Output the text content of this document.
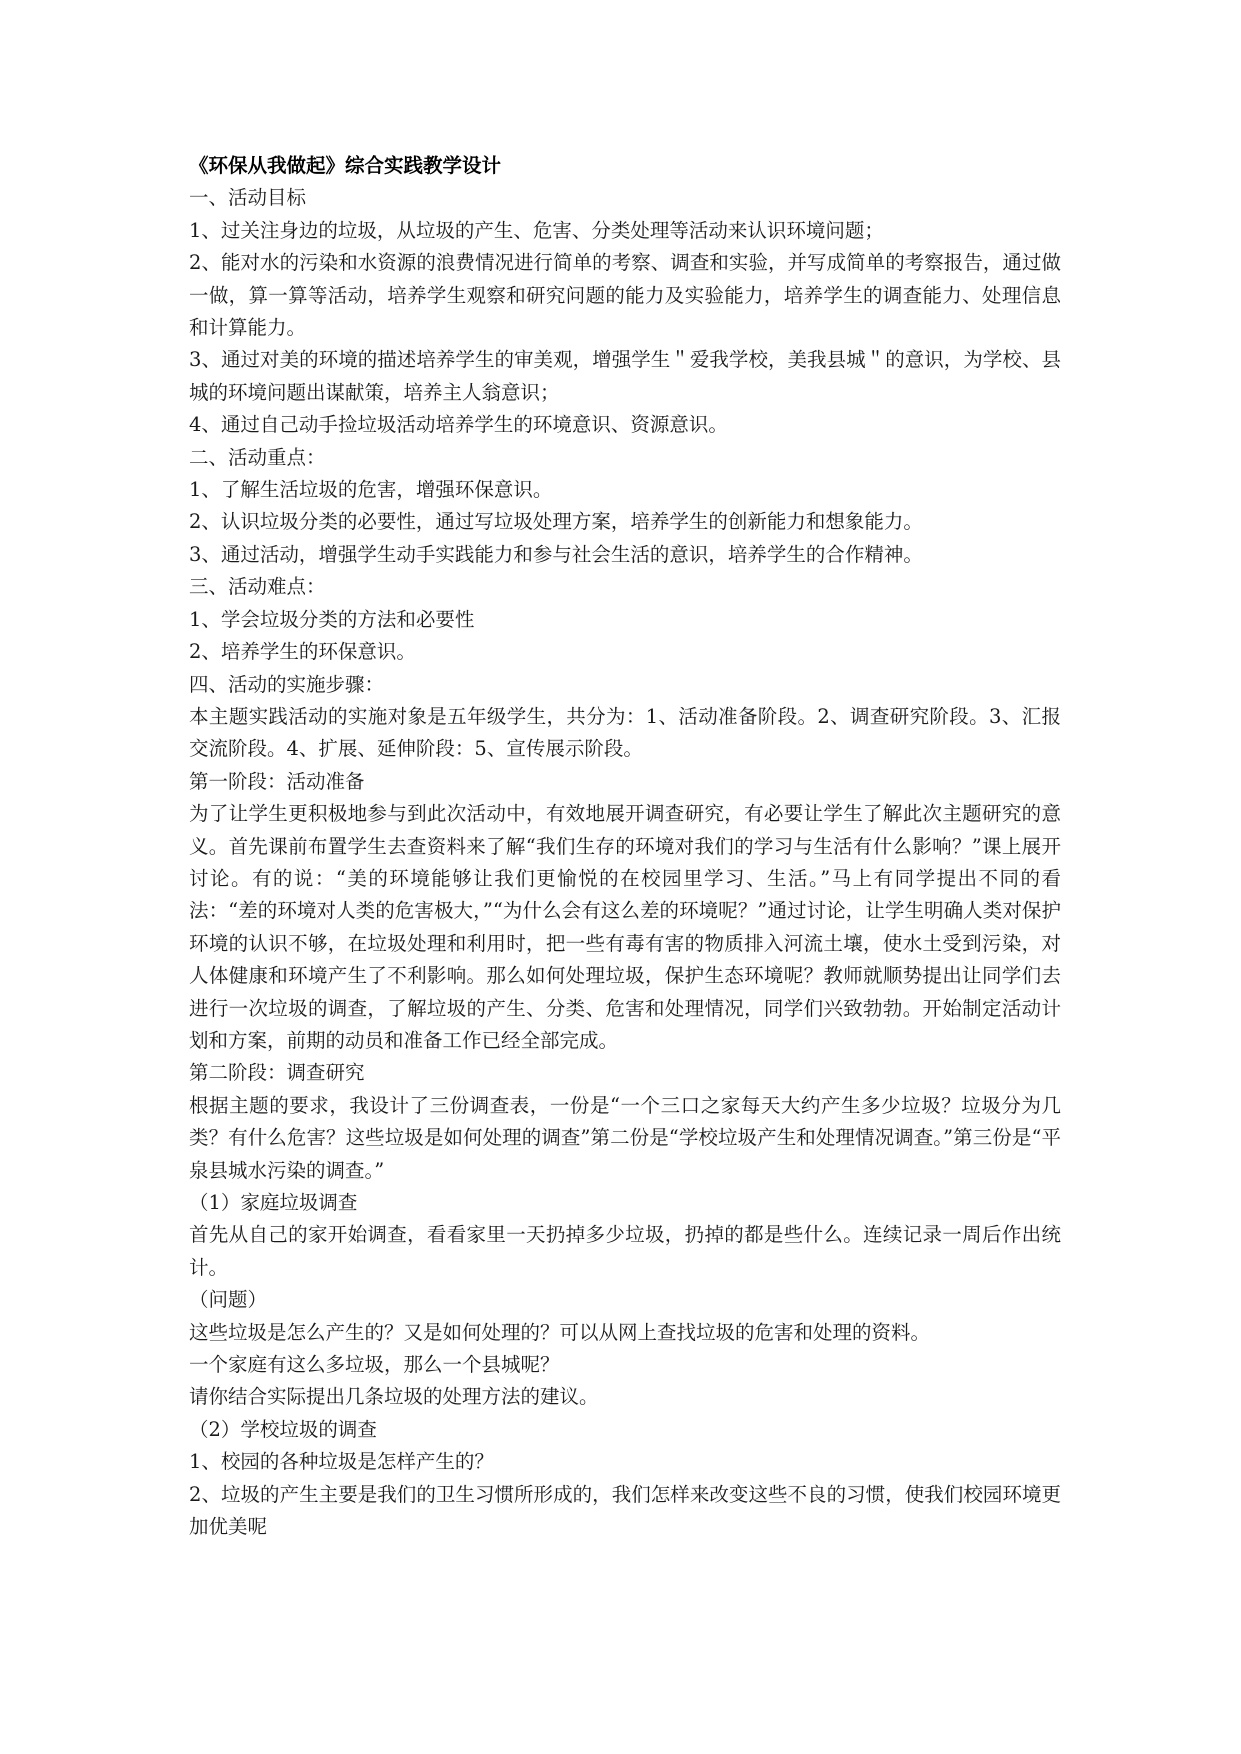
《环保从我做起》综合实践教学设计

一、活动目标

1、过关注身边的垃圾，从垃圾的产生、危害、分类处理等活动来认识环境问题；

2、能对水的污染和水资源的浪费情况进行简单的考察、调查和实验，并写成简单的考察报告，通过做一做，算一算等活动，培养学生观察和研究问题的能力及实验能力，培养学生的调查能力、处理信息和计算能力。

3、通过对美的环境的描述培养学生的审美观，增强学生＂爱我学校，美我县城＂的意识，为学校、县城的环境问题出谋献策，培养主人翁意识；

4、通过自己动手捡垃圾活动培养学生的环境意识、资源意识。

二、活动重点：

1、了解生活垃圾的危害，增强环保意识。

2、认识垃圾分类的必要性，通过写垃圾处理方案，培养学生的创新能力和想象能力。

3、通过活动，增强学生动手实践能力和参与社会生活的意识，培养学生的合作精神。

三、活动难点：

1、学会垃圾分类的方法和必要性

2、培养学生的环保意识。

四、活动的实施步骤：

本主题实践活动的实施对象是五年级学生，共分为：1、活动准备阶段。2、调查研究阶段。3、汇报交流阶段。4、扩展、延伸阶段：5、宣传展示阶段。

第一阶段：活动准备

为了让学生更积极地参与到此次活动中，有效地展开调查研究，有必要让学生了解此次主题研究的意义。首先课前布置学生去查资料来了解“我们生存的环境对我们的学习与生活有什么影响？”课上展开讨论。有的说：“美的环境能够让我们更愉悦的在校园里学习、生活。”马上有同学提出不同的看法：“差的环境对人类的危害极大，”“为什么会有这么差的环境呢？”通过讨论，让学生明确人类对保护环境的认识不够，在垃圾处理和利用时，把一些有毒有害的物质排入河流土壤，使水土受到污染，对人体健康和环境产生了不利影响。那么如何处理垃圾，保护生态环境呢？教师就顺势提出让同学们去进行一次垃圾的调查，了解垃圾的产生、分类、危害和处理情况，同学们兴致勃勃。开始制定活动计划和方案，前期的动员和准备工作已经全部完成。

第二阶段：调查研究

根据主题的要求，我设计了三份调查表，一份是“一个三口之家每天大约产生多少垃圾？垃圾分为几类？有什么危害？这些垃圾是如何处理的调查”第二份是“学校垃圾产生和处理情况调查。”第三份是“平泉县城水污染的调查。”

（1）家庭垃圾调查

首先从自己的家开始调查，看看家里一天扔掉多少垃圾，扔掉的都是些什么。连续记录一周后作出统计。

（问题）

这些垃圾是怎么产生的？又是如何处理的？可以从网上查找垃圾的危害和处理的资料。

一个家庭有这么多垃圾，那么一个县城呢？

请你结合实际提出几条垃圾的处理方法的建议。

（2）学校垃圾的调查

1、校园的各种垃圾是怎样产生的？

2、垃圾的产生主要是我们的卫生习惯所形成的，我们怎样来改变这些不良的习惯，使我们校园环境更加优美呢
